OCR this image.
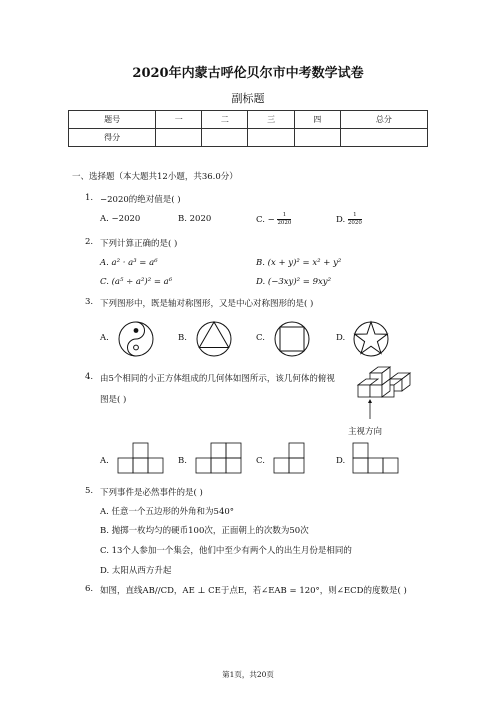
2020年内蒙古呼伦贝尔市中考数学试卷
副标题
题号	一	二	三	四	总分
得分					
一、选择题（本大题共12小题，共36.0分）
1. −2020的绝对值是( )
A. −2020	B. 2020	C. − $\frac{1}{2020}$	D. $\frac{1}{2020}$
2. 下列计算正确的是( )
A. a² · a³ = a⁶	B. (x + y)² = x² + y²
C. (a⁵ ÷ a²)² = a⁶	D. (−3xy)² = 9xy²
3. 下列图形中，既是轴对称图形，又是中心对称图形的是( )
A.	B.	C.	D.
4. 由5个相同的小正方体组成的几何体如图所示，该几何体的俯视
图是( )
主视方向
A.	B.	C.	D.
5. 下列事件是必然事件的是( )
A. 任意一个五边形的外角和为540°
B. 抛掷一枚均匀的硬币100次，正面朝上的次数为50次
C. 13个人参加一个集会，他们中至少有两个人的出生月份是相同的
D. 太阳从西方升起
6. 如图，直线AB//CD，AE ⊥ CE于点E，若∠EAB = 120°，则∠ECD的度数是( )
第1页，共20页
